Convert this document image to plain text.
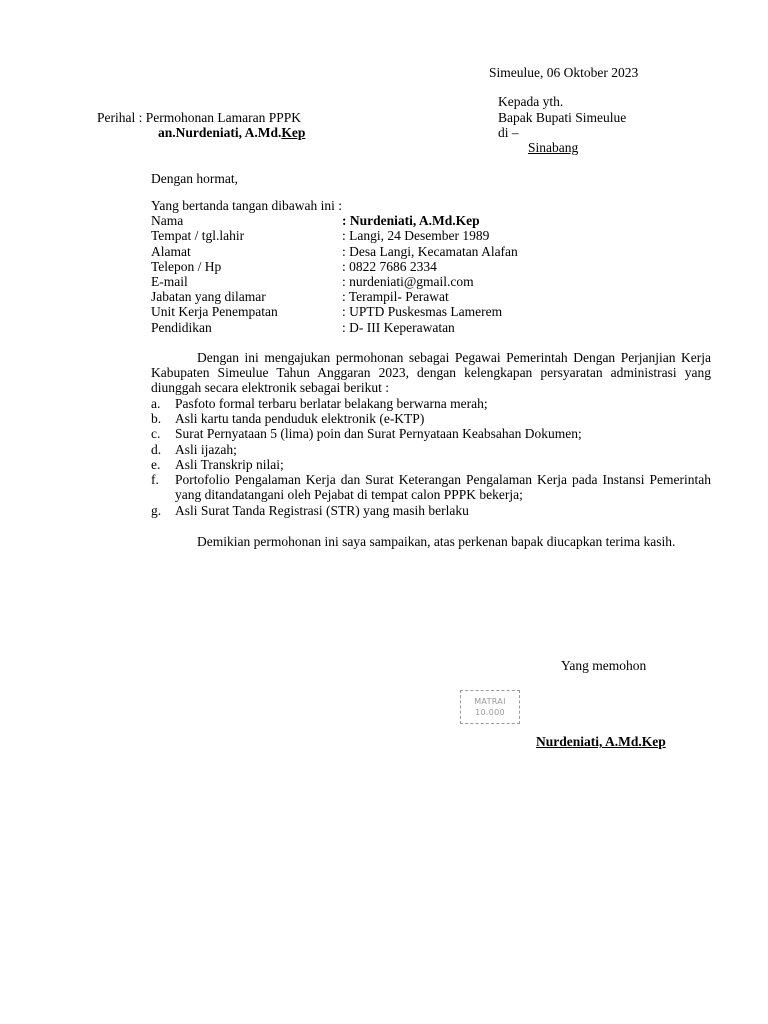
Simeulue, 06 Oktober 2023
Perihal : Permohonan Lamaran PPPK
an.Nurdeniati, A.Md.Kep
Kepada yth.
Bapak Bupati Simeulue
di –
Sinabang
Dengan hormat,
Yang bertanda tangan dibawah ini :
Nama	: Nurdeniati, A.Md.Kep
Tempat / tgl.lahir	: Langi, 24 Desember 1989
Alamat	: Desa Langi, Kecamatan Alafan
Telepon / Hp	: 0822 7686 2334
E-mail	: nurdeniati@gmail.com
Jabatan yang dilamar	: Terampil- Perawat
Unit Kerja Penempatan	: UPTD Puskesmas Lamerem
Pendidikan	: D- III Keperawatan
Dengan ini mengajukan permohonan sebagai Pegawai Pemerintah Dengan Perjanjian Kerja Kabupaten Simeulue Tahun Anggaran 2023, dengan kelengkapan persyaratan administrasi yang diunggah secara elektronik sebagai berikut :
a. Pasfoto formal terbaru berlatar belakang berwarna merah;
b. Asli kartu tanda penduduk elektronik (e-KTP)
c. Surat Pernyataan 5 (lima) poin dan Surat Pernyataan Keabsahan Dokumen;
d. Asli ijazah;
e. Asli Transkrip nilai;
f. Portofolio Pengalaman Kerja dan Surat Keterangan Pengalaman Kerja pada Instansi Pemerintah yang ditandatangani oleh Pejabat di tempat calon PPPK bekerja;
g. Asli Surat Tanda Registrasi (STR) yang masih berlaku
Demikian permohonan ini saya sampaikan, atas perkenan bapak diucapkan terima kasih.
Yang memohon
MATRAI
10.000
Nurdeniati, A.Md.Kep
